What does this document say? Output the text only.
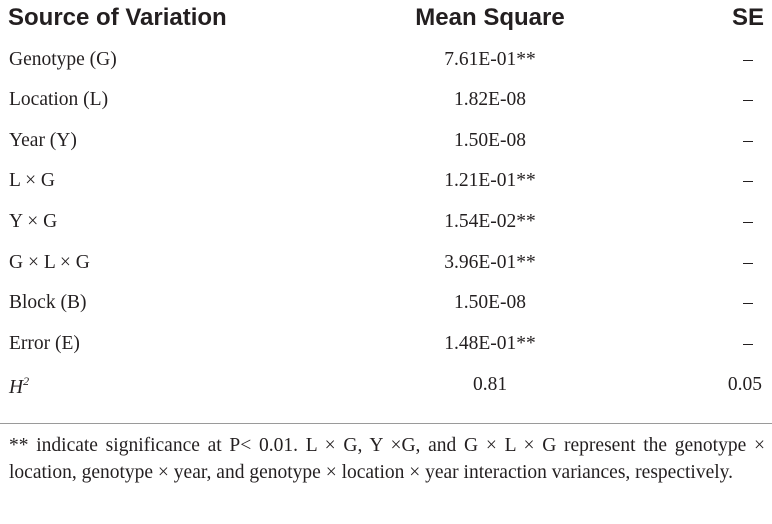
Source of Variation	Mean Square	SE
Genotype (G)	7.61E-01**	–
Location (L)	1.82E-08	–
Year (Y)	1.50E-08	–
L × G	1.21E-01**	–
Y × G	1.54E-02**	–
G × L × G	3.96E-01**	–
Block (B)	1.50E-08	–
Error (E)	1.48E-01**	–
$H^2$	0.81	0.05
** indicate significance at P< 0.01. L × G, Y ×G, and G × L × G represent the genotype × location, genotype × year, and genotype × location × year interaction variances, respectively.
